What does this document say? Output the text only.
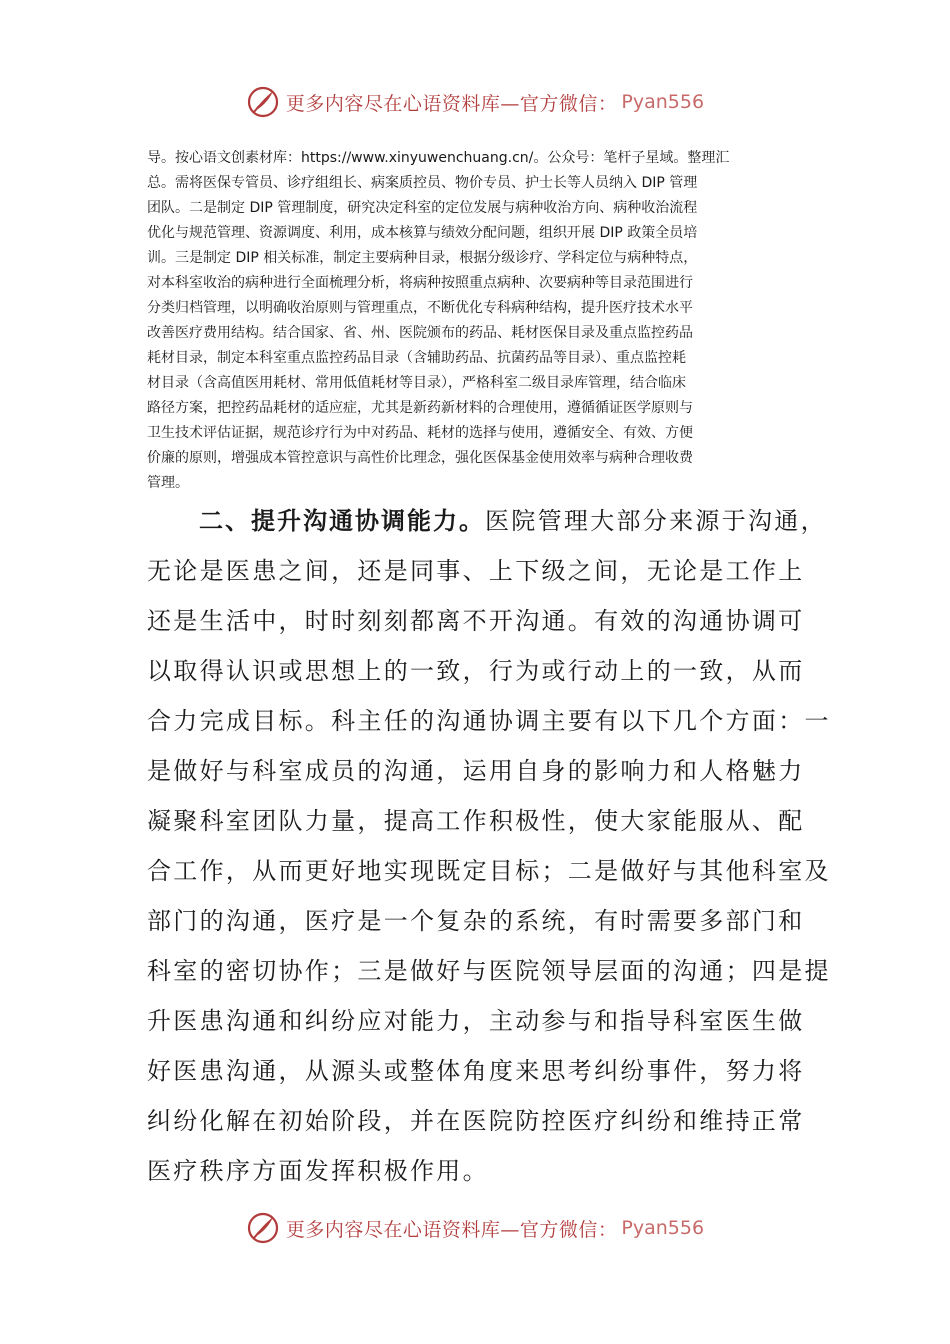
更多内容尽在心语资料库—官方微信： Pyan556
导。按心语文创素材库：https://www.xinyuwenchuang.cn/。公众号：笔杆子星域。整理汇
总。需将医保专管员、诊疗组组长、病案质控员、物价专员、护士长等人员纳入 DIP 管理
团队。二是制定 DIP 管理制度，研究决定科室的定位发展与病种收治方向、病种收治流程
优化与规范管理、资源调度、利用，成本核算与绩效分配问题，组织开展 DIP 政策全员培
训。三是制定 DIP 相关标准，制定主要病种目录，根据分级诊疗、学科定位与病种特点，
对本科室收治的病种进行全面梳理分析，将病种按照重点病种、次要病种等目录范围进行
分类归档管理，以明确收治原则与管理重点，不断优化专科病种结构，提升医疗技术水平
改善医疗费用结构。结合国家、省、州、医院颁布的药品、耗材医保目录及重点监控药品
耗材目录，制定本科室重点监控药品目录（含辅助药品、抗菌药品等目录）、重点监控耗
材目录（含高值医用耗材、常用低值耗材等目录），严格科室二级目录库管理，结合临床
路径方案，把控药品耗材的适应症，尤其是新药新材料的合理使用，遵循循证医学原则与
卫生技术评估证据，规范诊疗行为中对药品、耗材的选择与使用，遵循安全、有效、方便
价廉的原则，增强成本管控意识与高性价比理念，强化医保基金使用效率与病种合理收费
管理。
二、提升沟通协调能力。医院管理大部分来源于沟通，
无论是医患之间，还是同事、上下级之间，无论是工作上
还是生活中，时时刻刻都离不开沟通。有效的沟通协调可
以取得认识或思想上的一致，行为或行动上的一致，从而
合力完成目标。科主任的沟通协调主要有以下几个方面：一
是做好与科室成员的沟通，运用自身的影响力和人格魅力
凝聚科室团队力量，提高工作积极性，使大家能服从、配
合工作，从而更好地实现既定目标；二是做好与其他科室及
部门的沟通，医疗是一个复杂的系统，有时需要多部门和
科室的密切协作；三是做好与医院领导层面的沟通；四是提
升医患沟通和纠纷应对能力，主动参与和指导科室医生做
好医患沟通，从源头或整体角度来思考纠纷事件，努力将
纠纷化解在初始阶段，并在医院防控医疗纠纷和维持正常
医疗秩序方面发挥积极作用。
更多内容尽在心语资料库—官方微信： Pyan556
